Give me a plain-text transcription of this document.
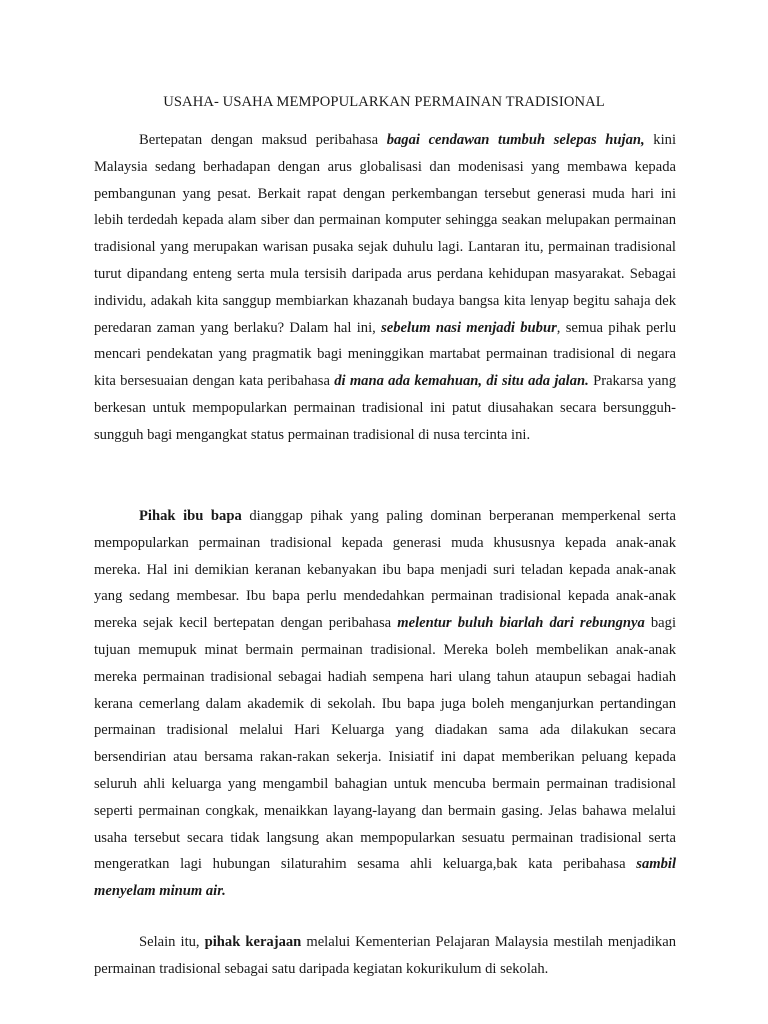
USAHA- USAHA MEMPOPULARKAN PERMAINAN TRADISIONAL

Bertepatan dengan maksud peribahasa bagai cendawan tumbuh selepas hujan, kini Malaysia sedang berhadapan dengan arus globalisasi dan modenisasi yang membawa kepada pembangunan yang pesat. Berkait rapat dengan perkembangan tersebut generasi muda hari ini lebih terdedah kepada alam siber dan permainan komputer sehingga seakan melupakan permainan tradisional yang merupakan warisan pusaka sejak duhulu lagi. Lantaran itu, permainan tradisional turut dipandang enteng serta mula tersisih daripada arus perdana kehidupan masyarakat. Sebagai individu, adakah kita sanggup membiarkan khazanah budaya bangsa kita lenyap begitu sahaja dek peredaran zaman yang berlaku? Dalam hal ini, sebelum nasi menjadi bubur, semua pihak perlu mencari pendekatan yang pragmatik bagi meninggikan martabat permainan tradisional di negara kita bersesuaian dengan kata peribahasa di mana ada kemahuan, di situ ada jalan. Prakarsa yang berkesan untuk mempopularkan permainan tradisional ini patut diusahakan secara bersungguh-sungguh bagi mengangkat status permainan tradisional di nusa tercinta ini.

Pihak ibu bapa dianggap pihak yang paling dominan berperanan memperkenal serta mempopularkan permainan tradisional kepada generasi muda khususnya kepada anak-anak mereka. Hal ini demikian keranan kebanyakan ibu bapa menjadi suri teladan kepada anak-anak yang sedang membesar. Ibu bapa perlu mendedahkan permainan tradisional kepada anak-anak mereka sejak kecil bertepatan dengan peribahasa melentur buluh biarlah dari rebungnya bagi tujuan memupuk minat bermain permainan tradisional. Mereka boleh membelikan anak-anak mereka permainan tradisional sebagai hadiah sempena hari ulang tahun ataupun sebagai hadiah kerana cemerlang dalam akademik di sekolah. Ibu bapa juga boleh menganjurkan pertandingan permainan tradisional melalui Hari Keluarga yang diadakan sama ada dilakukan secara bersendirian atau bersama rakan-rakan sekerja. Inisiatif ini dapat memberikan peluang kepada seluruh ahli keluarga yang mengambil bahagian untuk mencuba bermain permainan tradisional seperti permainan congkak, menaikkan layang-layang dan bermain gasing. Jelas bahawa melalui usaha tersebut secara tidak langsung akan mempopularkan sesuatu permainan tradisional serta mengeratkan lagi hubungan silaturahim sesama ahli keluarga,bak kata peribahasa sambil menyelam minum air.

Selain itu, pihak kerajaan melalui Kementerian Pelajaran Malaysia mestilah menjadikan permainan tradisional sebagai satu daripada kegiatan kokurikulum di sekolah.
